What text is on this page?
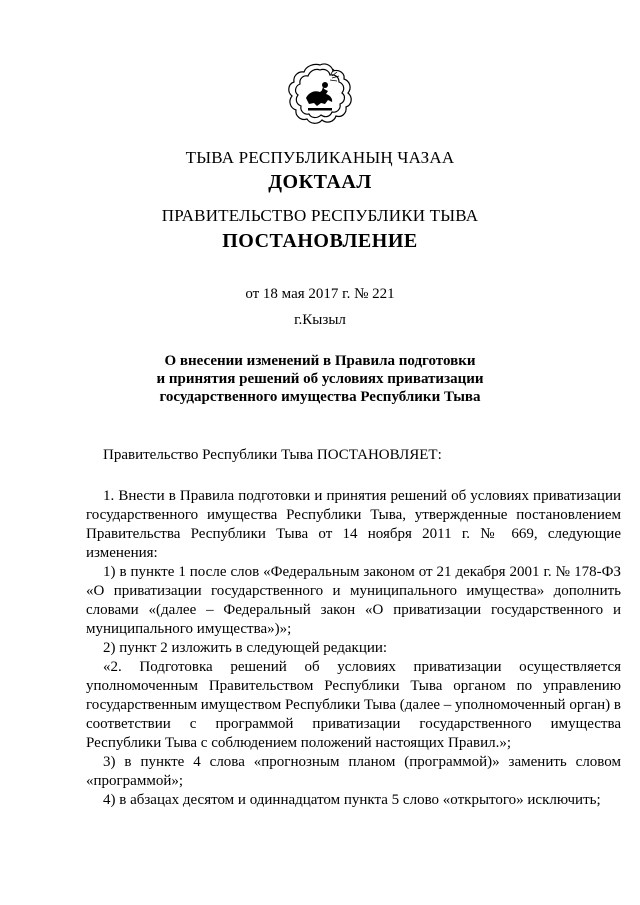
ТЫВА РЕСПУБЛИКАНЫҢ ЧАЗАА
ДОКТААЛ
ПРАВИТЕЛЬСТВО РЕСПУБЛИКИ ТЫВА
ПОСТАНОВЛЕНИЕ
от 18 мая 2017 г. № 221
г.Кызыл
О внесении изменений в Правила подготовки
и принятия решений об условиях приватизации
государственного имущества Республики Тыва

Правительство Республики Тыва ПОСТАНОВЛЯЕТ:

1. Внести в Правила подготовки и принятия решений об условиях приватизации государственного имущества Республики Тыва, утвержденные постановлением Правительства Республики Тыва от 14 ноября 2011 г. № 669, следующие изменения:

1) в пункте 1 после слов «Федеральным законом от 21 декабря 2001 г. № 178-ФЗ «О приватизации государственного и муниципального имущества» дополнить словами «(далее – Федеральный закон «О приватизации государственного и муниципального имущества»)»;

2) пункт 2 изложить в следующей редакции:

«2. Подготовка решений об условиях приватизации осуществляется уполномоченным Правительством Республики Тыва органом по управлению государственным имуществом Республики Тыва (далее – уполномоченный орган) в соответствии с программой приватизации государственного имущества Республики Тыва с соблюдением положений настоящих Правил.»;

3) в пункте 4 слова «прогнозным планом (программой)» заменить словом «программой»;

4) в абзацах десятом и одиннадцатом пункта 5 слово «открытого» исключить;
